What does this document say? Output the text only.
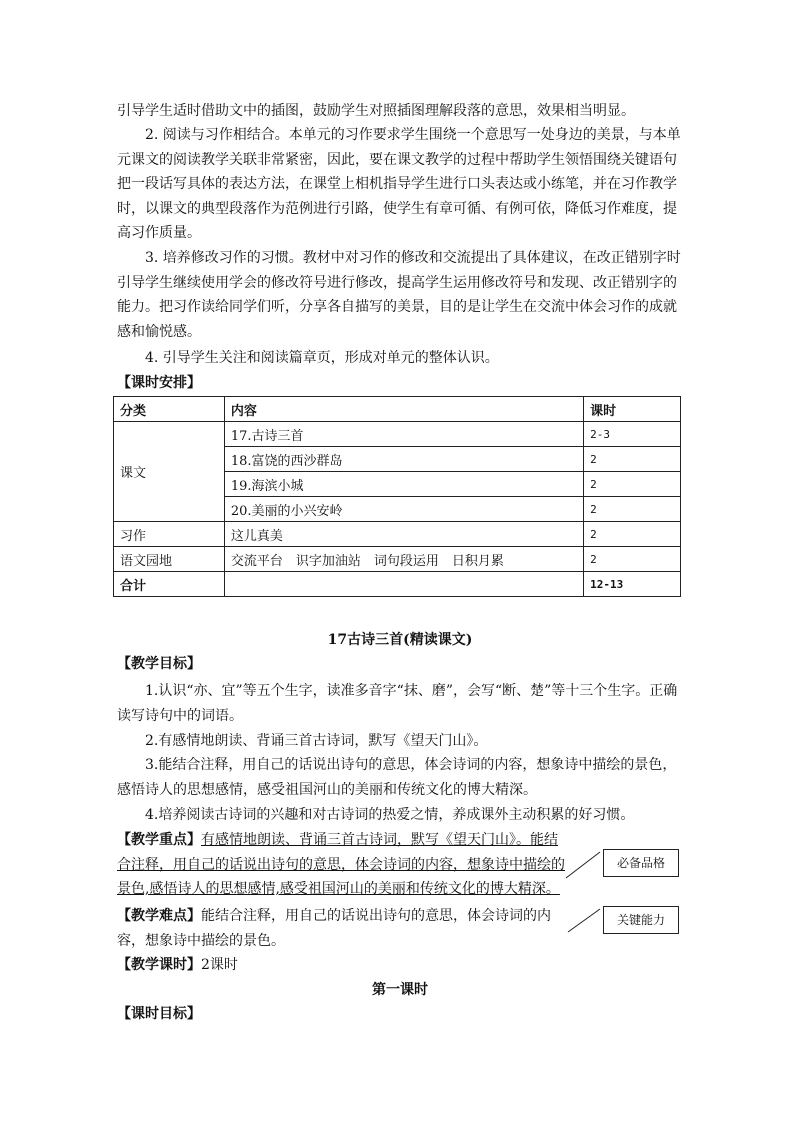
引导学生适时借助文中的插图，鼓励学生对照插图理解段落的意思，效果相当明显。

2. 阅读与习作相结合。本单元的习作要求学生围绕一个意思写一处身边的美景，与本单元课文的阅读教学关联非常紧密，因此，要在课文教学的过程中帮助学生领悟围绕关键语句把一段话写具体的表达方法，在课堂上相机指导学生进行口头表达或小练笔，并在习作教学时，以课文的典型段落作为范例进行引路，使学生有章可循、有例可依，降低习作难度，提高习作质量。

3. 培养修改习作的习惯。教材中对习作的修改和交流提出了具体建议，在改正错别字时引导学生继续使用学会的修改符号进行修改，提高学生运用修改符号和发现、改正错别字的能力。把习作读给同学们听，分享各自描写的美景，目的是让学生在交流中体会习作的成就感和愉悦感。

4. 引导学生关注和阅读篇章页，形成对单元的整体认识。

【课时安排】

分类	内容	课时
课文	17.古诗三首	2-3
	18.富饶的西沙群岛	2
	19.海滨小城	2
	20.美丽的小兴安岭	2
习作	这儿真美	2
语文园地	交流平台　识字加油站　词句段运用　日积月累	2
合计		12-13

17古诗三首(精读课文)

【教学目标】

1.认识“亦、宜”等五个生字，读准多音字“抹、磨”，会写“断、楚”等十三个生字。正确读写诗句中的词语。

2.有感情地朗读、背诵三首古诗词，默写《望天门山》。

3.能结合注释，用自己的话说出诗句的意思，体会诗词的内容，想象诗中描绘的景色，感悟诗人的思想感情，感受祖国河山的美丽和传统文化的博大精深。

4.培养阅读古诗词的兴趣和对古诗词的热爱之情，养成课外主动积累的好习惯。

【教学重点】有感情地朗读、背诵三首古诗词，默写《望天门山》。能结合注释，用自己的话说出诗句的意思，体会诗词的内容，想象诗中描绘的

景色,感悟诗人的思想感情,感受祖国河山的美丽和传统文化的博大精深。

【教学难点】能结合注释，用自己的话说出诗句的意思，体会诗词的内容，想象诗中描绘的景色。

【教学课时】2课时

第一课时

【课时目标】

必备品格
关键能力
